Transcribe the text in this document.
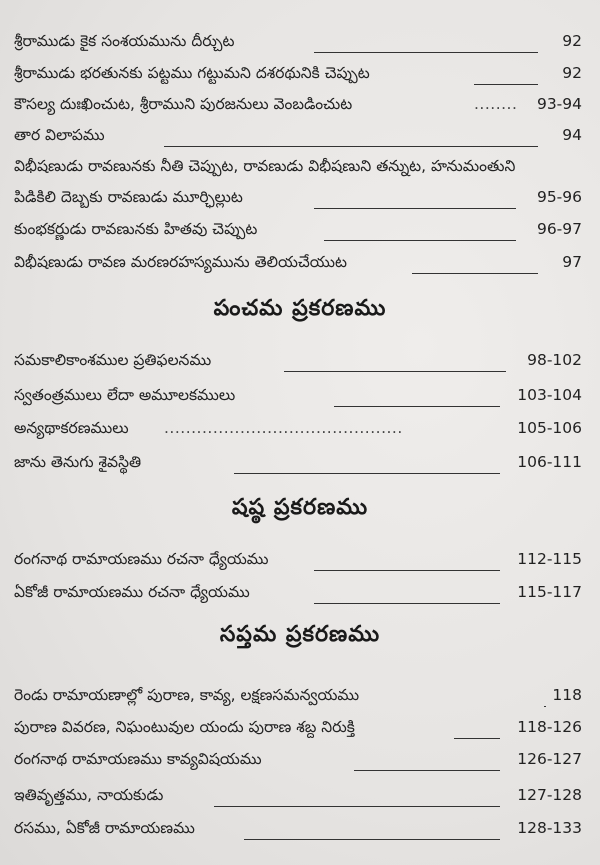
శ్రీరాముడు కైక సంశయమును దీర్చుట	92
శ్రీరాముడు భరతునకు పట్టము గట్టుమని దశరథునికి చెప్పుట	92
కౌసల్య దుఃఖించుట, శ్రీరాముని పురజనులు వెంబడించుట	........ 93-94
తార విలాపము	94
విభీషణుడు రావణునకు నీతి చెప్పుట, రావణుడు విభీషణుని తన్నుట, హనుమంతుని
పిడికిలి దెబ్బకు రావణుడు మూర్ఛిల్లుట	95-96
కుంభకర్ణుడు రావణునకు హితవు చెప్పుట	96-97
విభీషణుడు రావణ మరణరహస్యమును తెలియచేయుట	97
పంచమ ప్రకరణము
సమకాలికాంశముల ప్రతిఫలనము	98-102
స్వతంత్రములు లేదా అమూలకములు	103-104
అన్యథాకరణములు ............................................	105-106
జాను తెనుగు శైవస్థితి	106-111
షష్ఠ ప్రకరణము
రంగనాథ రామాయణము రచనా ధ్యేయము	112-115
ఏకోజీ రామాయణము రచనా ధ్యేయము	115-117
సప్తమ ప్రకరణము
రెండు రామాయణాల్లో పురాణ, కావ్య, లక్షణసమన్వయము	118
పురాణ వివరణ, నిఘంటువుల యందు పురాణ శబ్ద నిరుక్తి	118-126
రంగనాథ రామాయణము కావ్యవిషయము	126-127
ఇతివృత్తము, నాయకుడు	127-128
రసము, ఏకోజీ రామాయణము	128-133
